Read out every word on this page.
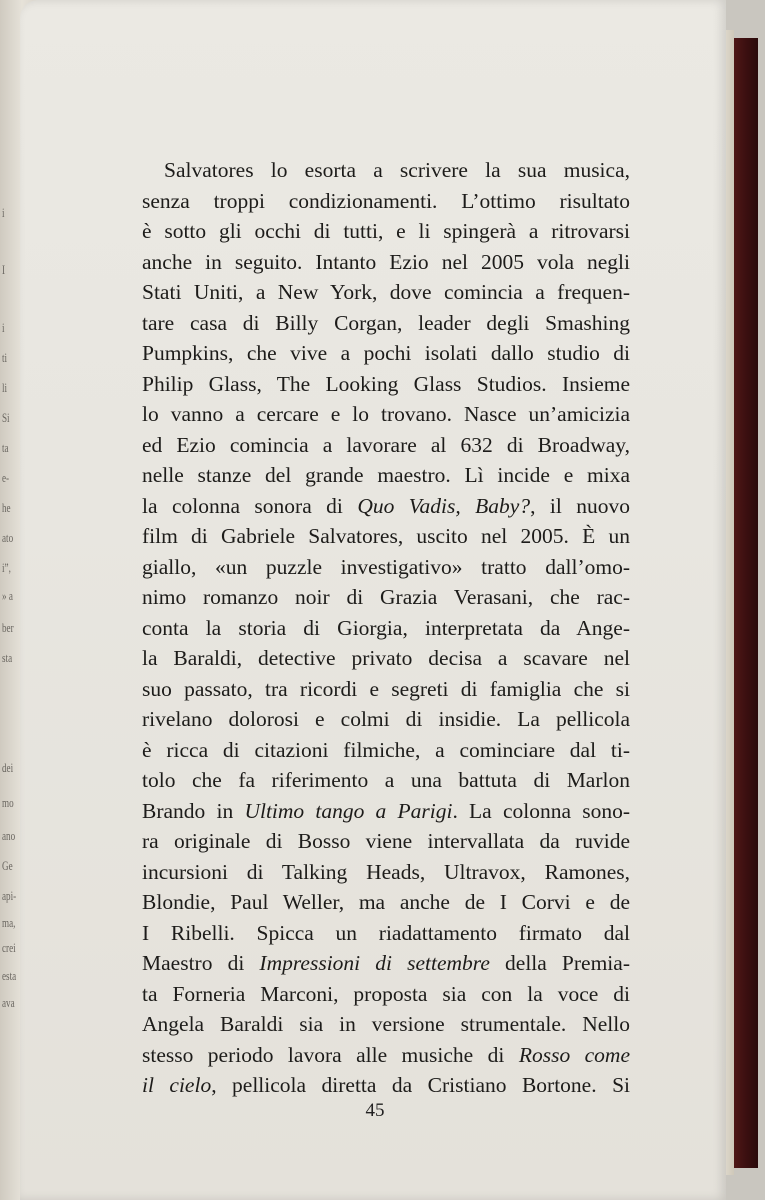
i
I
i
ti
li
Si
ta
e-
he
ato
i”,
» a
ber
sta
dei
mo
ano
Ge
api-
ma,
crei
esta
ava
Salvatores lo esorta a scrivere la sua musica,
senza troppi condizionamenti. L’ottimo risultato
è sotto gli occhi di tutti, e li spingerà a ritrovarsi
anche in seguito. Intanto Ezio nel 2005 vola negli
Stati Uniti, a New York, dove comincia a frequen-
tare casa di Billy Corgan, leader degli Smashing
Pumpkins, che vive a pochi isolati dallo studio di
Philip Glass, The Looking Glass Studios. Insieme
lo vanno a cercare e lo trovano. Nasce un’amicizia
ed Ezio comincia a lavorare al 632 di Broadway,
nelle stanze del grande maestro. Lì incide e mixa
la colonna sonora di Quo Vadis, Baby?, il nuovo
film di Gabriele Salvatores, uscito nel 2005. È un
giallo, «un puzzle investigativo» tratto dall’omo-
nimo romanzo noir di Grazia Verasani, che rac-
conta la storia di Giorgia, interpretata da Ange-
la Baraldi, detective privato decisa a scavare nel
suo passato, tra ricordi e segreti di famiglia che si
rivelano dolorosi e colmi di insidie. La pellicola
è ricca di citazioni filmiche, a cominciare dal ti-
tolo che fa riferimento a una battuta di Marlon
Brando in Ultimo tango a Parigi. La colonna sono-
ra originale di Bosso viene intervallata da ruvide
incursioni di Talking Heads, Ultravox, Ramones,
Blondie, Paul Weller, ma anche de I Corvi e de
I Ribelli. Spicca un riadattamento firmato dal
Maestro di Impressioni di settembre della Premia-
ta Forneria Marconi, proposta sia con la voce di
Angela Baraldi sia in versione strumentale. Nello
stesso periodo lavora alle musiche di Rosso come
il cielo, pellicola diretta da Cristiano Bortone. Si
45
